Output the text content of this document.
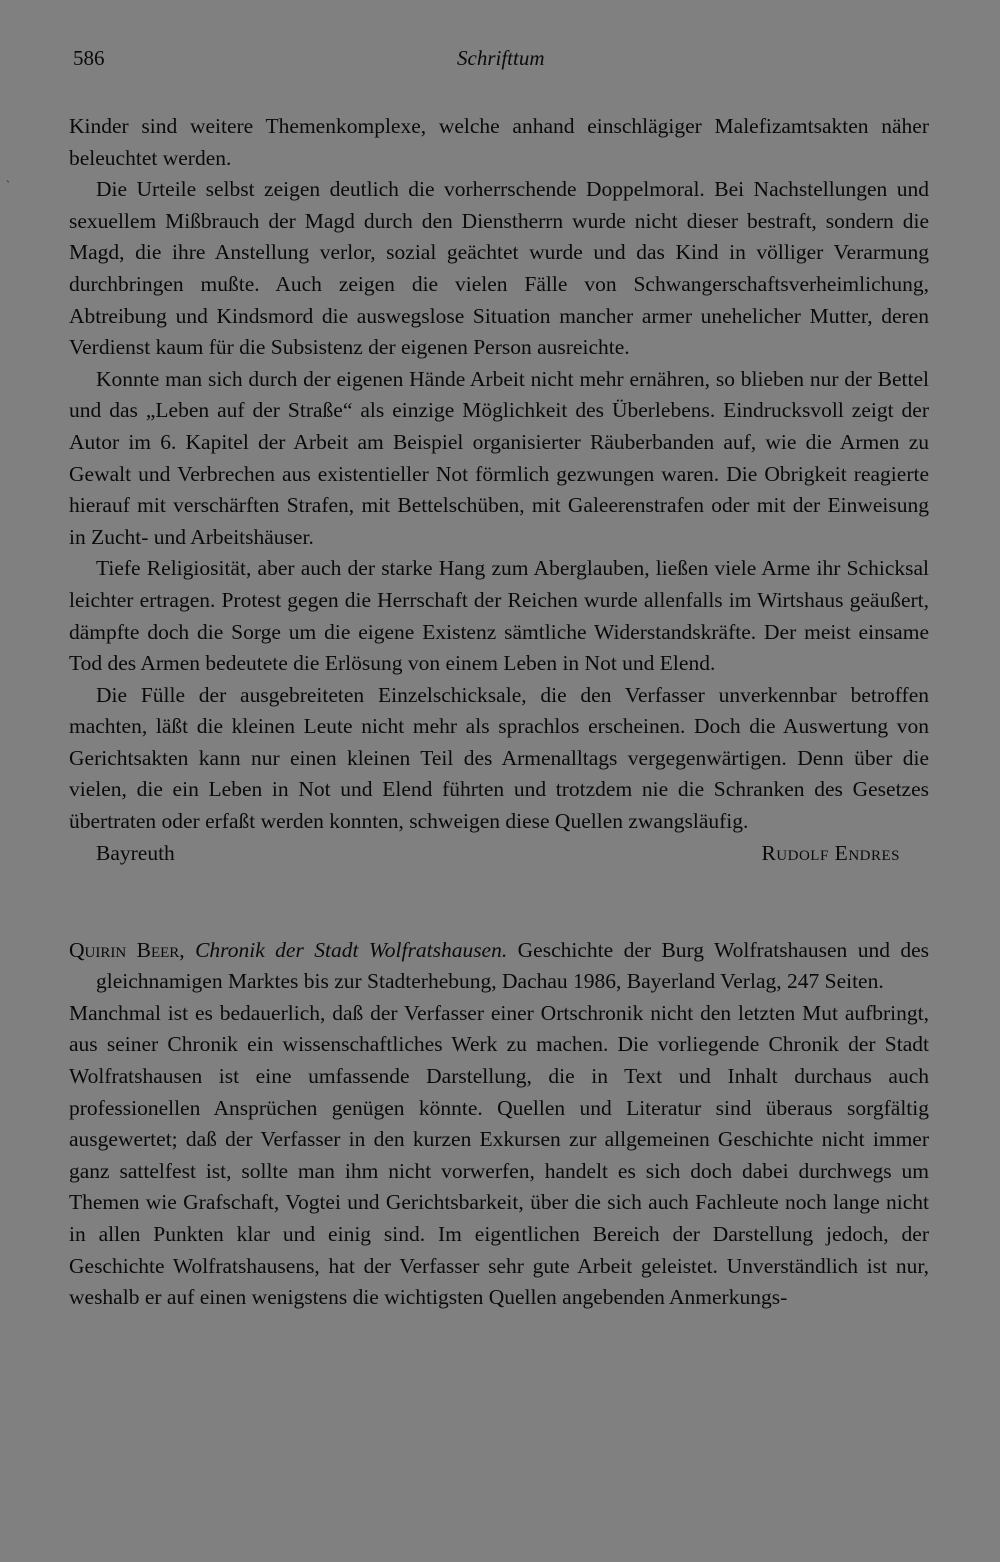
`
586	Schrifttum

Kinder sind weitere Themenkomplexe, welche anhand einschlägiger Malefizamtsakten näher beleuchtet werden.

Die Urteile selbst zeigen deutlich die vorherrschende Doppelmoral. Bei Nachstellungen und sexuellem Mißbrauch der Magd durch den Dienstherrn wurde nicht dieser bestraft, sondern die Magd, die ihre Anstellung verlor, sozial geächtet wurde und das Kind in völliger Verarmung durchbringen mußte. Auch zeigen die vielen Fälle von Schwangerschaftsverheimlichung, Abtreibung und Kindsmord die auswegslose Situation mancher armer unehelicher Mutter, deren Verdienst kaum für die Subsistenz der eigenen Person ausreichte.

Konnte man sich durch der eigenen Hände Arbeit nicht mehr ernähren, so blieben nur der Bettel und das „Leben auf der Straße“ als einzige Möglichkeit des Überlebens. Eindrucksvoll zeigt der Autor im 6. Kapitel der Arbeit am Beispiel organisierter Räuberbanden auf, wie die Armen zu Gewalt und Verbrechen aus existentieller Not förmlich gezwungen waren. Die Obrigkeit reagierte hierauf mit verschärften Strafen, mit Bettelschüben, mit Galeerenstrafen oder mit der Einweisung in Zucht- und Arbeitshäuser.

Tiefe Religiosität, aber auch der starke Hang zum Aberglauben, ließen viele Arme ihr Schicksal leichter ertragen. Protest gegen die Herrschaft der Reichen wurde allenfalls im Wirtshaus geäußert, dämpfte doch die Sorge um die eigene Existenz sämtliche Widerstandskräfte. Der meist einsame Tod des Armen bedeutete die Erlösung von einem Leben in Not und Elend.

Die Fülle der ausgebreiteten Einzelschicksale, die den Verfasser unverkennbar betroffen machten, läßt die kleinen Leute nicht mehr als sprachlos erscheinen. Doch die Auswertung von Gerichtsakten kann nur einen kleinen Teil des Armenalltags vergegenwärtigen. Denn über die vielen, die ein Leben in Not und Elend führten und trotzdem nie die Schranken des Gesetzes übertraten oder erfaßt werden konnten, schweigen diese Quellen zwangsläufig.

Bayreuth	Rudolf Endres
Quirin Beer, Chronik der Stadt Wolfratshausen. Geschichte der Burg Wolfratshausen und des gleichnamigen Marktes bis zur Stadterhebung, Dachau 1986, Bayerland Verlag, 247 Seiten.

Manchmal ist es bedauerlich, daß der Verfasser einer Ortschronik nicht den letzten Mut aufbringt, aus seiner Chronik ein wissenschaftliches Werk zu machen. Die vorliegende Chronik der Stadt Wolfratshausen ist eine umfassende Darstellung, die in Text und Inhalt durchaus auch professionellen Ansprüchen genügen könnte. Quellen und Literatur sind überaus sorgfältig ausgewertet; daß der Verfasser in den kurzen Exkursen zur allgemeinen Geschichte nicht immer ganz sattelfest ist, sollte man ihm nicht vorwerfen, handelt es sich doch dabei durchwegs um Themen wie Grafschaft, Vogtei und Gerichtsbarkeit, über die sich auch Fachleute noch lange nicht in allen Punkten klar und einig sind. Im eigentlichen Bereich der Darstellung jedoch, der Geschichte Wolfratshausens, hat der Verfasser sehr gute Arbeit geleistet. Unverständlich ist nur, weshalb er auf einen wenigstens die wichtigsten Quellen angebenden Anmerkungs-
